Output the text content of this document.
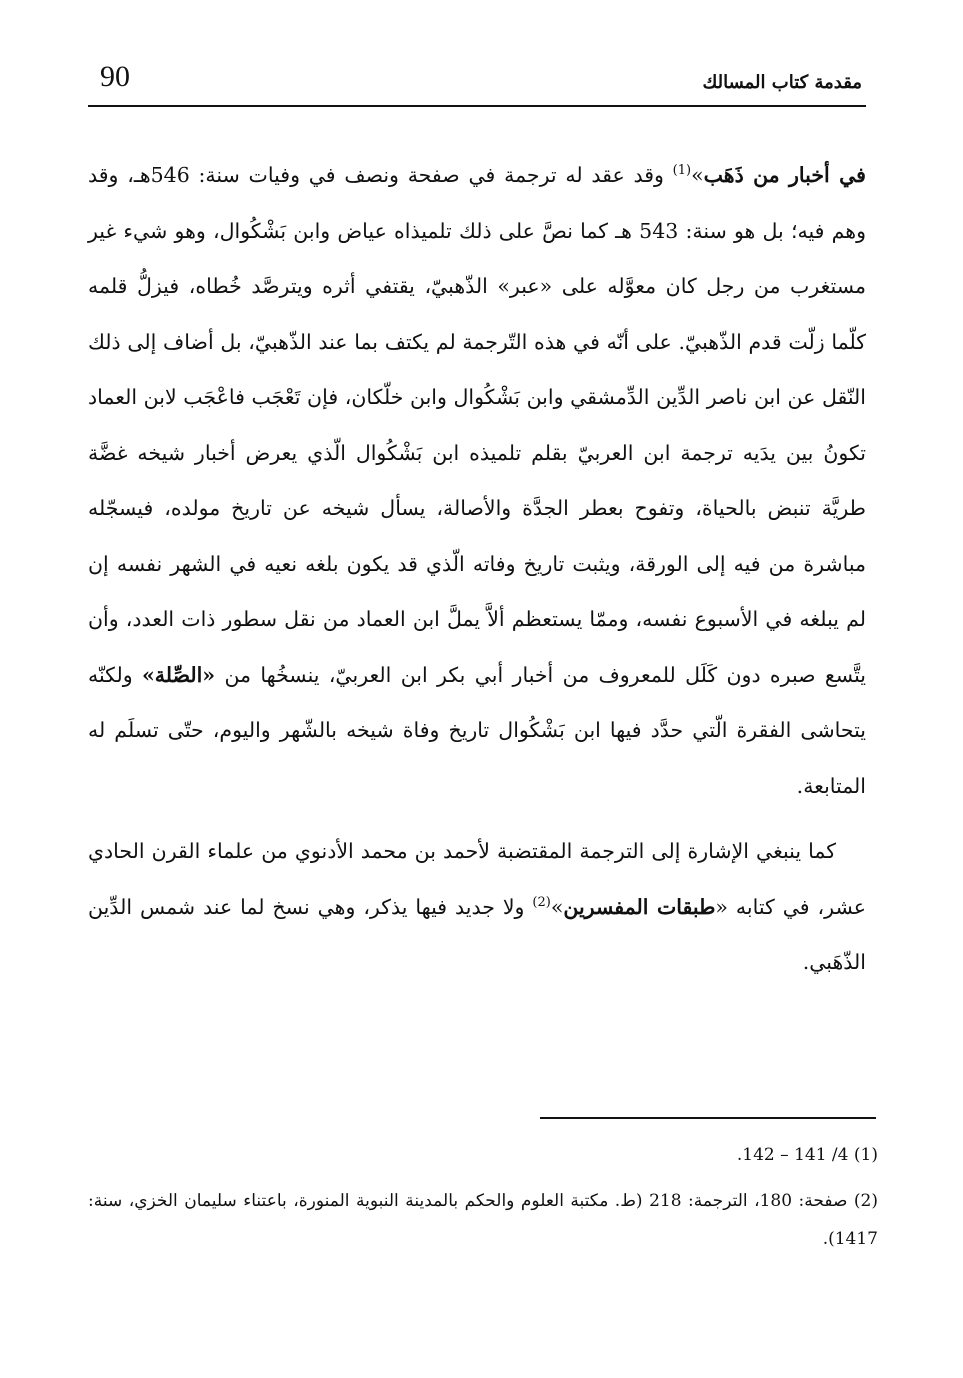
90	مقدمة كتاب المسالك

في أخبار من ذَهَب»$^{(1)}$ وقد عقد له ترجمة في صفحة ونصف في وفيات سنة: 546هـ، وقد وهم فيه؛ بل هو سنة: 543 هـ كما نصَّ على ذلك تلميذاه عياض وابن بَشْكُوال، وهو شيء غير مستغرب من رجل كان معوَّله على «عبر» الذّهبيّ، يقتفي أثره ويترصَّد خُطاه، فيزلُّ قلمه كلّما زلّت قدم الذّهبيّ. على أنّه في هذه التّرجمة لم يكتف بما عند الذّهبيّ، بل أضاف إلى ذلك النّقل عن ابن ناصر الدِّين الدِّمشقي وابن بَشْكُوال وابن خلّكان، فإن تَعْجَب فاعْجَب لابن العماد تكونُ بين يدَيه ترجمة ابن العربيّ بقلم تلميذه ابن بَشْكُوال الّذي يعرض أخبار شيخه غضَّة طريَّة تنبض بالحياة، وتفوح بعطر الجدَّة والأصالة، يسأل شيخه عن تاريخ مولده، فيسجّله مباشرة من فيه إلى الورقة، ويثبت تاريخ وفاته الّذي قد يكون بلغه نعيه في الشهر نفسه إن لم يبلغه في الأسبوع نفسه، وممّا يستعظم ألاَّ يملَّ ابن العماد من نقل سطور ذات العدد، وأن يتَّسع صبره دون كَلَل للمعروف من أخبار أبي بكر ابن العربيّ، ينسخُها من «الصِّلة» ولكنّه يتحاشى الفقرة الّتي حدَّد فيها ابن بَشْكُوال تاريخ وفاة شيخه بالشّهر واليوم، حتّى تسلَم له المتابعة.

كما ينبغي الإشارة إلى الترجمة المقتضبة لأحمد بن محمد الأدنوي من علماء القرن الحادي عشر، في كتابه «طبقات المفسرين»$^{(2)}$ ولا جديد فيها يذكر، وهي نسخ لما عند شمس الدِّين الذّهَبي.

(1) 4/ 141 – 142.

(2) صفحة: 180، الترجمة: 218 (ط. مكتبة العلوم والحكم بالمدينة النبوية المنورة، باعتناء سليمان الخزي، سنة: 1417).
